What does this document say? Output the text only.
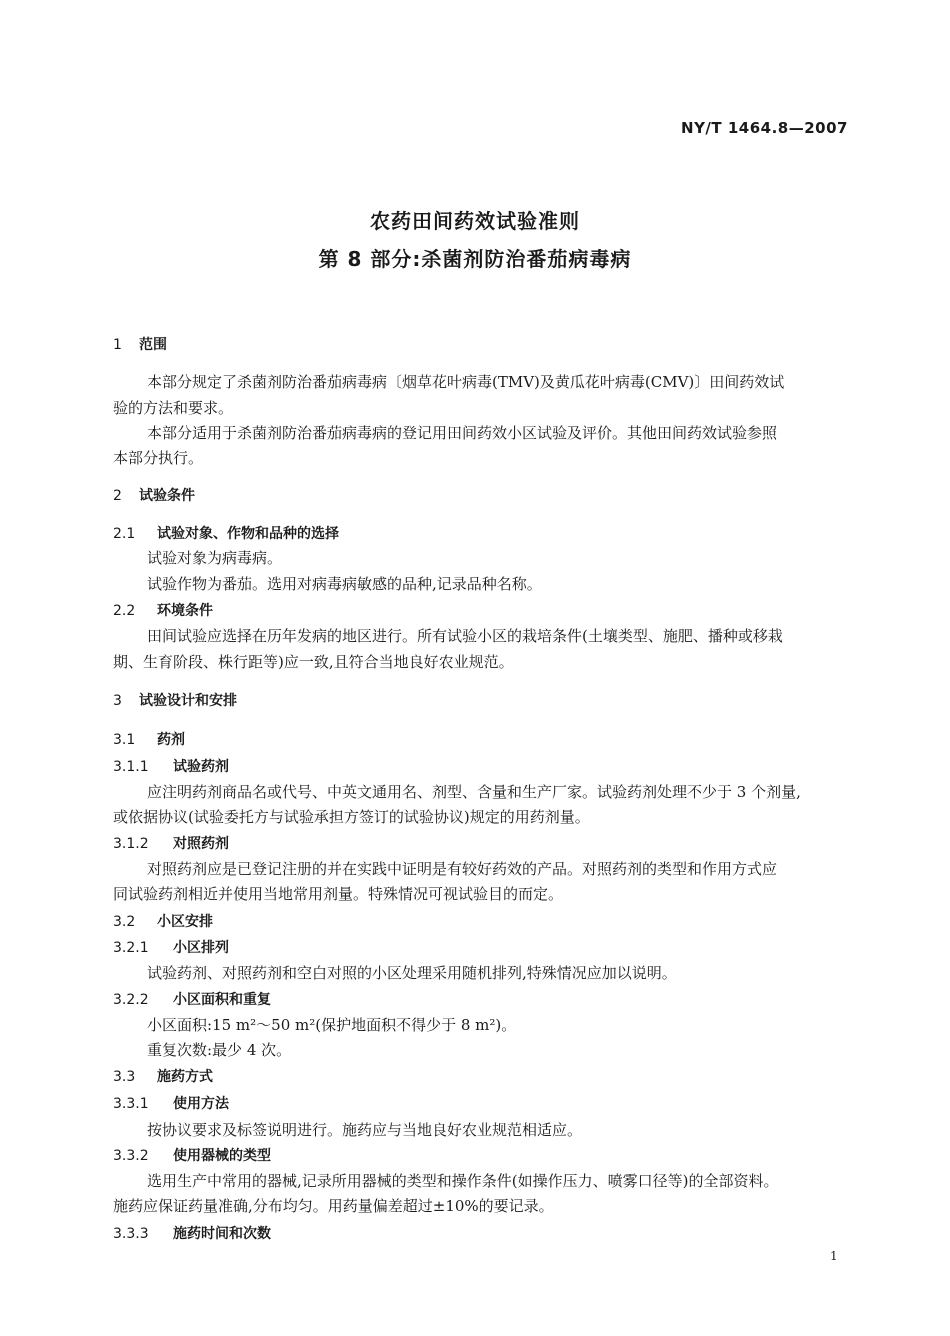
NY/T 1464.8—2007
农药田间药效试验准则
第 8 部分:杀菌剂防治番茄病毒病
1 范围
本部分规定了杀菌剂防治番茄病毒病〔烟草花叶病毒(TMV)及黄瓜花叶病毒(CMV)〕田间药效试
验的方法和要求。
本部分适用于杀菌剂防治番茄病毒病的登记用田间药效小区试验及评价。其他田间药效试验参照
本部分执行。
2 试验条件
2.1 试验对象、作物和品种的选择
试验对象为病毒病。
试验作物为番茄。选用对病毒病敏感的品种,记录品种名称。
2.2 环境条件
田间试验应选择在历年发病的地区进行。所有试验小区的栽培条件(土壤类型、施肥、播种或移栽
期、生育阶段、株行距等)应一致,且符合当地良好农业规范。
3 试验设计和安排
3.1 药剂
3.1.1 试验药剂
应注明药剂商品名或代号、中英文通用名、剂型、含量和生产厂家。试验药剂处理不少于 3 个剂量,
或依据协议(试验委托方与试验承担方签订的试验协议)规定的用药剂量。
3.1.2 对照药剂
对照药剂应是已登记注册的并在实践中证明是有较好药效的产品。对照药剂的类型和作用方式应
同试验药剂相近并使用当地常用剂量。特殊情况可视试验目的而定。
3.2 小区安排
3.2.1 小区排列
试验药剂、对照药剂和空白对照的小区处理采用随机排列,特殊情况应加以说明。
3.2.2 小区面积和重复
小区面积:15 m²～50 m²(保护地面积不得少于 8 m²)。
重复次数:最少 4 次。
3.3 施药方式
3.3.1 使用方法
按协议要求及标签说明进行。施药应与当地良好农业规范相适应。
3.3.2 使用器械的类型
选用生产中常用的器械,记录所用器械的类型和操作条件(如操作压力、喷雾口径等)的全部资料。
施药应保证药量准确,分布均匀。用药量偏差超过±10%的要记录。
3.3.3 施药时间和次数
1
